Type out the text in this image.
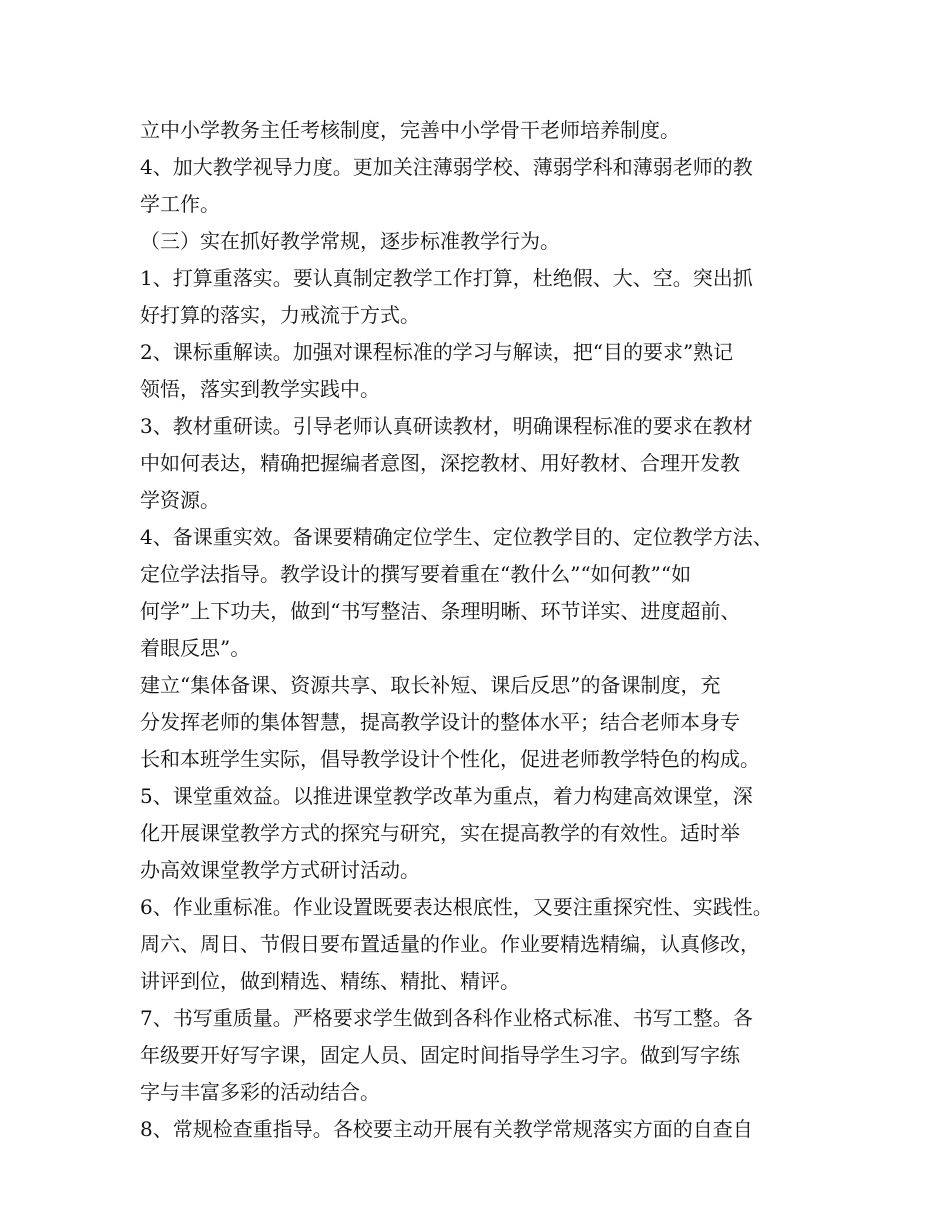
立中小学教务主任考核制度，完善中小学骨干老师培养制度。
4、加大教学视导力度。更加关注薄弱学校、薄弱学科和薄弱老师的教
学工作。
（三）实在抓好教学常规，逐步标准教学行为。
1、打算重落实。要认真制定教学工作打算，杜绝假、大、空。突出抓
好打算的落实，力戒流于方式。
2、课标重解读。加强对课程标准的学习与解读，把“目的要求”熟记
领悟，落实到教学实践中。
3、教材重研读。引导老师认真研读教材，明确课程标准的要求在教材
中如何表达，精确把握编者意图，深挖教材、用好教材、合理开发教
学资源。
4、备课重实效。备课要精确定位学生、定位教学目的、定位教学方法、
定位学法指导。教学设计的撰写要着重在“教什么”“如何教”“如
何学”上下功夫，做到“书写整洁、条理明晰、环节详实、进度超前、
着眼反思”。
建立“集体备课、资源共享、取长补短、课后反思”的备课制度，充
分发挥老师的集体智慧，提高教学设计的整体水平；结合老师本身专
长和本班学生实际，倡导教学设计个性化，促进老师教学特色的构成。
5、课堂重效益。以推进课堂教学改革为重点，着力构建高效课堂，深
化开展课堂教学方式的探究与研究，实在提高教学的有效性。适时举
办高效课堂教学方式研讨活动。
6、作业重标准。作业设置既要表达根底性，又要注重探究性、实践性。
周六、周日、节假日要布置适量的作业。作业要精选精编，认真修改，
讲评到位，做到精选、精练、精批、精评。
7、书写重质量。严格要求学生做到各科作业格式标准、书写工整。各
年级要开好写字课，固定人员、固定时间指导学生习字。做到写字练
字与丰富多彩的活动结合。
8、常规检查重指导。各校要主动开展有关教学常规落实方面的自查自
